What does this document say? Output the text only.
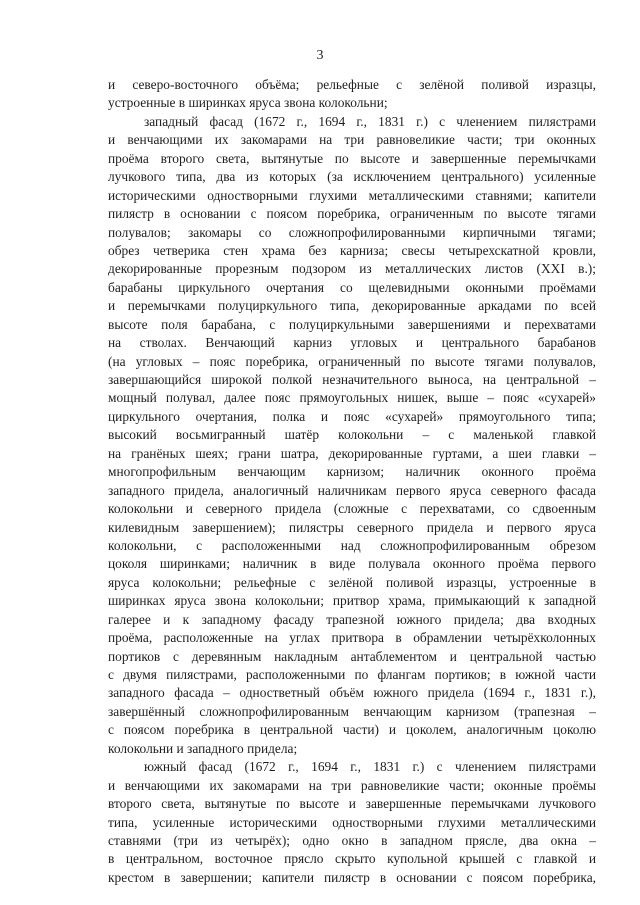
3
и северо-восточного объёма; рельефные с зелёной поливой изразцы,
устроенные в ширинках яруса звона колокольни;
западный фасад (1672 г., 1694 г., 1831 г.) с членением пилястрами
и венчающими их закомарами на три равновеликие части; три оконных
проёма второго света, вытянутые по высоте и завершенные перемычками
лучкового типа, два из которых (за исключением центрального) усиленные
историческими одностворными глухими металлическими ставнями; капители
пилястр в основании с поясом поребрика, ограниченным по высоте тягами
полувалов; закомары со сложнопрофилированными кирпичными тягами;
обрез четверика стен храма без карниза; свесы четырехскатной кровли,
декорированные прорезным подзором из металлических листов (XXI в.);
барабаны циркульного очертания со щелевидными оконными проёмами
и перемычками полуциркульного типа, декорированные аркадами по всей
высоте поля барабана, с полуциркульными завершениями и перехватами
на стволах. Венчающий карниз угловых и центрального барабанов
(на угловых – пояс поребрика, ограниченный по высоте тягами полувалов,
завершающийся широкой полкой незначительного выноса, на центральной –
мощный полувал, далее пояс прямоугольных нишек, выше – пояс «сухарей»
циркульного очертания, полка и пояс «сухарей» прямоугольного типа;
высокий восьмигранный шатёр колокольни – с маленькой главкой
на гранёных шеях; грани шатра, декорированные гуртами, а шеи главки –
многопрофильным венчающим карнизом; наличник оконного проёма
западного придела, аналогичный наличникам первого яруса северного фасада
колокольни и северного придела (сложные с перехватами, со сдвоенным
килевидным завершением); пилястры северного придела и первого яруса
колокольни, с расположенными над сложнопрофилированным обрезом
цоколя ширинками; наличник в виде полувала оконного проёма первого
яруса колокольни; рельефные с зелёной поливой изразцы, устроенные в
ширинках яруса звона колокольни; притвор храма, примыкающий к западной
галерее и к западному фасаду трапезной южного придела; два входных
проёма, расположенные на углах притвора в обрамлении четырёхколонных
портиков с деревянным накладным антаблементом и центральной частью
с двумя пилястрами, расположенными по флангам портиков; в южной части
западного фасада – одностветный объём южного придела (1694 г., 1831 г.),
завершённый сложнопрофилированным венчающим карнизом (трапезная –
с поясом поребрика в центральной части) и цоколем, аналогичным цоколю
колокольни и западного придела;
южный фасад (1672 г., 1694 г., 1831 г.) с членением пилястрами
и венчающими их закомарами на три равновеликие части; оконные проёмы
второго света, вытянутые по высоте и завершенные перемычками лучкового
типа, усиленные историческими одностворными глухими металлическими
ставнями (три из четырёх); одно окно в западном прясле, два окна –
в центральном, восточное прясло скрыто купольной крышей с главкой и
крестом в завершении; капители пилястр в основании с поясом поребрика,
